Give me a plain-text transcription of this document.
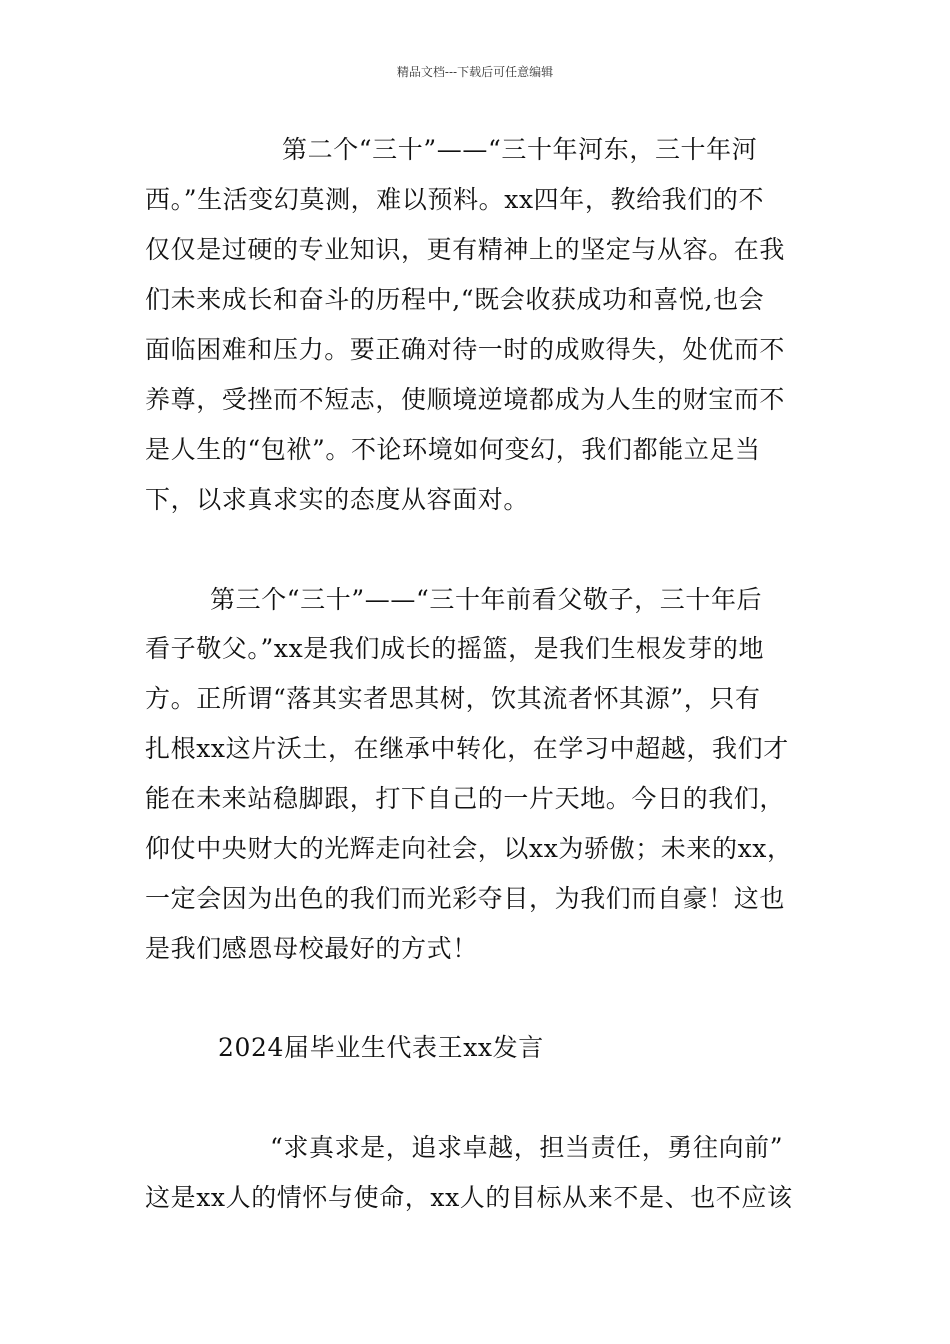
精品文档---下载后可任意编辑
第二个“三十”——“三十年河东，三十年河
西。”生活变幻莫测，难以预料。xx四年，教给我们的不
仅仅是过硬的专业知识，更有精神上的坚定与从容。在我
们未来成长和奋斗的历程中,“既会收获成功和喜悦,也会
面临困难和压力。要正确对待一时的成败得失，处优而不
养尊，受挫而不短志，使顺境逆境都成为人生的财宝而不
是人生的“包袱”。不论环境如何变幻，我们都能立足当
下，以求真求实的态度从容面对。
第三个“三十”——“三十年前看父敬子，三十年后
看子敬父。”xx是我们成长的摇篮，是我们生根发芽的地
方。正所谓“落其实者思其树，饮其流者怀其源”，只有
扎根xx这片沃土，在继承中转化，在学习中超越，我们才
能在未来站稳脚跟，打下自己的一片天地。今日的我们，
仰仗中央财大的光辉走向社会，以xx为骄傲；未来的xx，
一定会因为出色的我们而光彩夺目，为我们而自豪！这也
是我们感恩母校最好的方式！
2024届毕业生代表王xx发言
“求真求是，追求卓越，担当责任，勇往向前”
这是xx人的情怀与使命，xx人的目标从来不是、也不应该
